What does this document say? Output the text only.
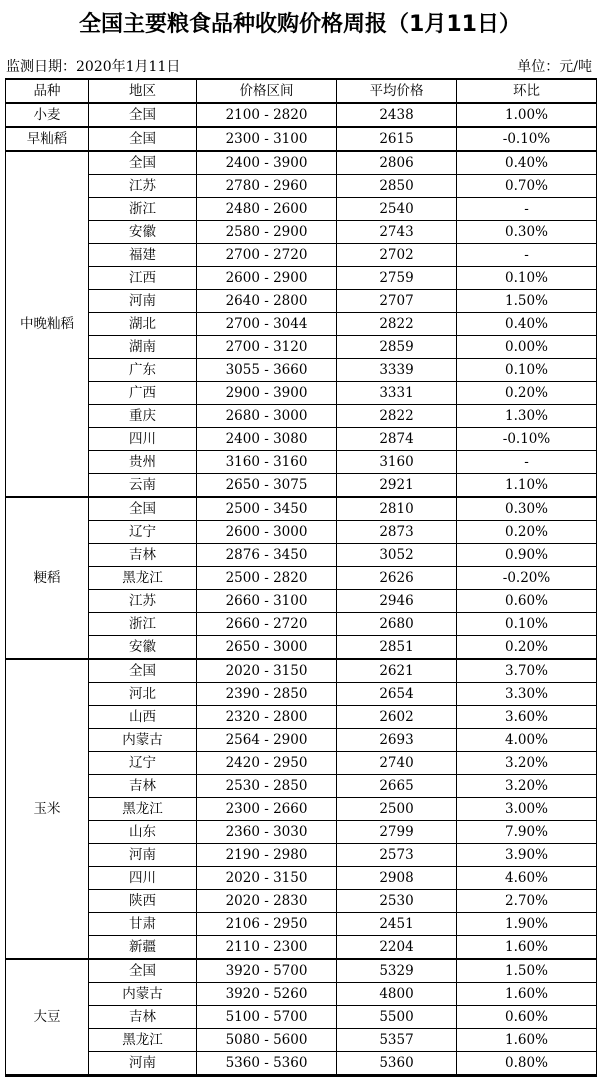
全国主要粮食品种收购价格周报（1月11日）
监测日期：2020年1月11日	单位：元/吨
品种	地区	价格区间	平均价格	环比
小麦	全国	2100 - 2820	2438	1.00%
早籼稻	全国	2300 - 3100	2615	-0.10%
中晚籼稻	全国	2400 - 3900	2806	0.40%
	江苏	2780 - 2960	2850	0.70%
	浙江	2480 - 2600	2540	-
	安徽	2580 - 2900	2743	0.30%
	福建	2700 - 2720	2702	-
	江西	2600 - 2900	2759	0.10%
	河南	2640 - 2800	2707	1.50%
	湖北	2700 - 3044	2822	0.40%
	湖南	2700 - 3120	2859	0.00%
	广东	3055 - 3660	3339	0.10%
	广西	2900 - 3900	3331	0.20%
	重庆	2680 - 3000	2822	1.30%
	四川	2400 - 3080	2874	-0.10%
	贵州	3160 - 3160	3160	-
	云南	2650 - 3075	2921	1.10%
粳稻	全国	2500 - 3450	2810	0.30%
	辽宁	2600 - 3000	2873	0.20%
	吉林	2876 - 3450	3052	0.90%
	黑龙江	2500 - 2820	2626	-0.20%
	江苏	2660 - 3100	2946	0.60%
	浙江	2660 - 2720	2680	0.10%
	安徽	2650 - 3000	2851	0.20%
玉米	全国	2020 - 3150	2621	3.70%
	河北	2390 - 2850	2654	3.30%
	山西	2320 - 2800	2602	3.60%
	内蒙古	2564 - 2900	2693	4.00%
	辽宁	2420 - 2950	2740	3.20%
	吉林	2530 - 2850	2665	3.20%
	黑龙江	2300 - 2660	2500	3.00%
	山东	2360 - 3030	2799	7.90%
	河南	2190 - 2980	2573	3.90%
	四川	2020 - 3150	2908	4.60%
	陕西	2020 - 2830	2530	2.70%
	甘肃	2106 - 2950	2451	1.90%
	新疆	2110 - 2300	2204	1.60%
大豆	全国	3920 - 5700	5329	1.50%
	内蒙古	3920 - 5260	4800	1.60%
	吉林	5100 - 5700	5500	0.60%
	黑龙江	5080 - 5600	5357	1.60%
	河南	5360 - 5360	5360	0.80%
